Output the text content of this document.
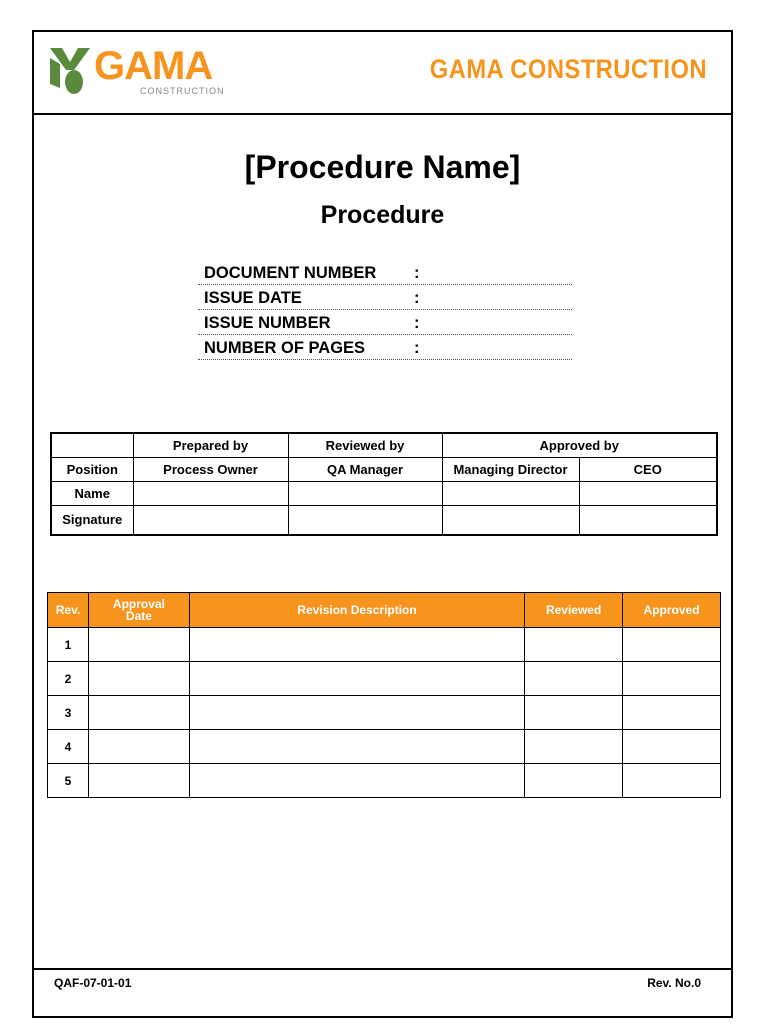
GAMA
CONSTRUCTION
GAMA CONSTRUCTION
[Procedure Name]
Procedure
DOCUMENT NUMBER :
ISSUE DATE	:
ISSUE NUMBER	:
NUMBER OF PAGES	:
	Prepared by	Reviewed by	Approved by	
Position	Process Owner	QA Manager	Managing Director	CEO
Name				
Signature				
Rev.	Approval Date	Revision Description	Reviewed	Approved
1				
2				
3				
4				
5				
QAF-07-01-01	Rev. No.0
